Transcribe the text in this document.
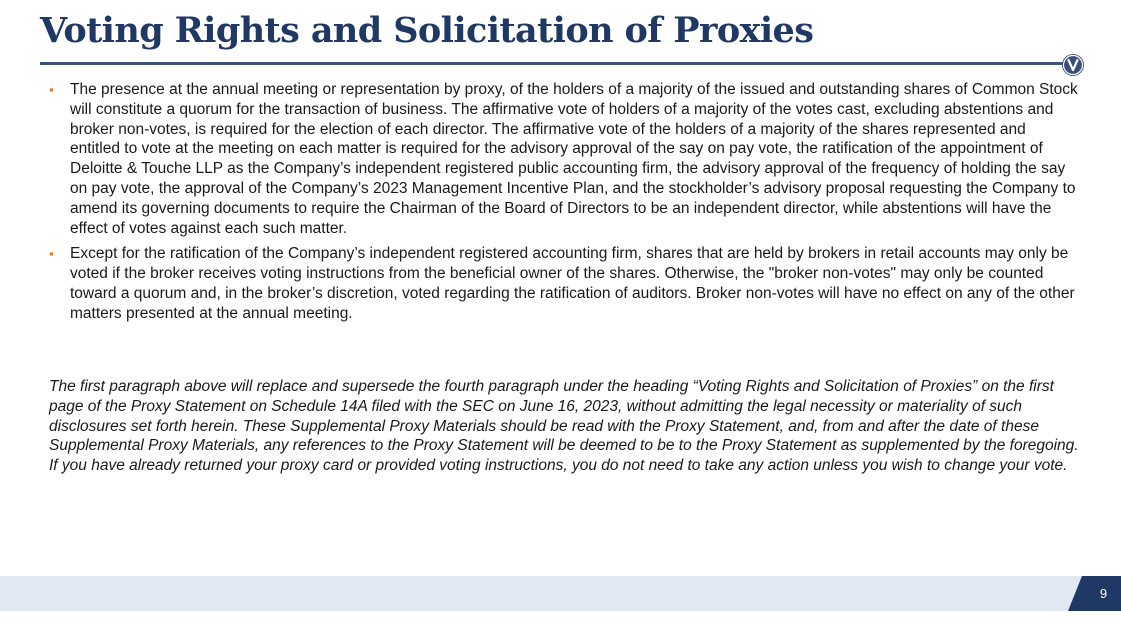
Voting Rights and Solicitation of Proxies
▪ The presence at the annual meeting or representation by proxy, of the holders of a majority of the issued and outstanding shares of Common Stock will constitute a quorum for the transaction of business. The affirmative vote of holders of a majority of the votes cast, excluding abstentions and broker non-votes, is required for the election of each director. The affirmative vote of the holders of a majority of the shares represented and entitled to vote at the meeting on each matter is required for the advisory approval of the say on pay vote, the ratification of the appointment of Deloitte & Touche LLP as the Company’s independent registered public accounting firm, the advisory approval of the frequency of holding the say on pay vote, the approval of the Company’s 2023 Management Incentive Plan, and the stockholder’s advisory proposal requesting the Company to amend its governing documents to require the Chairman of the Board of Directors to be an independent director, while abstentions will have the effect of votes against each such matter.
▪ Except for the ratification of the Company’s independent registered accounting firm, shares that are held by brokers in retail accounts may only be voted if the broker receives voting instructions from the beneficial owner of the shares. Otherwise, the "broker non-votes" may only be counted toward a quorum and, in the broker’s discretion, voted regarding the ratification of auditors. Broker non-votes will have no effect on any of the other matters presented at the annual meeting.

The first paragraph above will replace and supersede the fourth paragraph under the heading “Voting Rights and Solicitation of Proxies” on the first page of the Proxy Statement on Schedule 14A filed with the SEC on June 16, 2023, without admitting the legal necessity or materiality of such disclosures set forth herein. These Supplemental Proxy Materials should be read with the Proxy Statement, and, from and after the date of these Supplemental Proxy Materials, any references to the Proxy Statement will be deemed to be to the Proxy Statement as supplemented by the foregoing. If you have already returned your proxy card or provided voting instructions, you do not need to take any action unless you wish to change your vote.

9
